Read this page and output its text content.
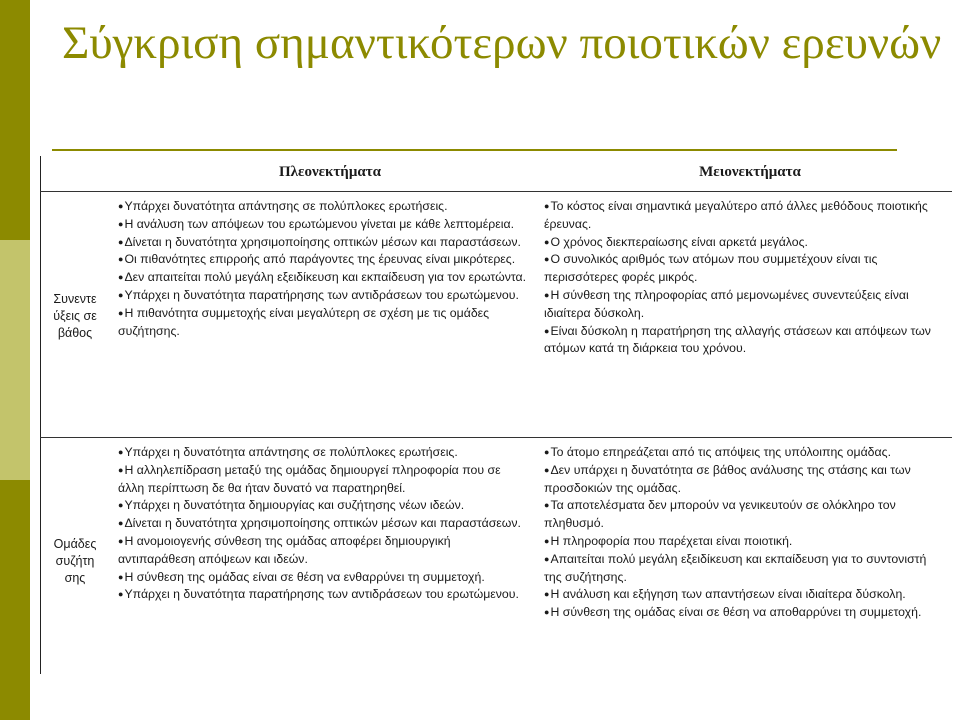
Σύγκριση σημαντικότερων ποιοτικών ερευνών
Πλεονεκτήματα	Μειονεκτήματα
Συνεντε ύξεις σε βάθος
●Υπάρχει δυνατότητα απάντησης σε πολύπλοκες ερωτήσεις.
●Η ανάλυση των απόψεων του ερωτώμενου γίνεται με κάθε λεπτομέρεια.
●Δίνεται η δυνατότητα χρησιμοποίησης οπτικών μέσων και παραστάσεων.
●Οι πιθανότητες επιρροής από παράγοντες της έρευνας είναι μικρότερες.
●Δεν απαιτείται πολύ μεγάλη εξειδίκευση και εκπαίδευση για τον ερωτώντα.
●Υπάρχει η δυνατότητα παρατήρησης των αντιδράσεων του ερωτώμενου.
●Η πιθανότητα συμμετοχής είναι μεγαλύτερη σε σχέση με τις ομάδες συζήτησης.
●Το κόστος είναι σημαντικά μεγαλύτερο από άλλες μεθόδους ποιοτικής έρευνας.
●Ο χρόνος διεκπεραίωσης είναι αρκετά μεγάλος.
●Ο συνολικός αριθμός των ατόμων που συμμετέχουν είναι τις περισσότερες φορές μικρός.
●Η σύνθεση της πληροφορίας από μεμονωμένες συνεντεύξεις είναι ιδιαίτερα δύσκολη.
●Είναι δύσκολη η παρατήρηση της αλλαγής στάσεων και απόψεων των ατόμων κατά τη διάρκεια του χρόνου.
Ομάδες συζήτη σης
●Υπάρχει η δυνατότητα απάντησης σε πολύπλοκες ερωτήσεις.
●Η αλληλεπίδραση μεταξύ της ομάδας δημιουργεί πληροφορία που σε άλλη περίπτωση δε θα ήταν δυνατό να παρατηρηθεί.
●Υπάρχει η δυνατότητα δημιουργίας και συζήτησης νέων ιδεών.
●Δίνεται η δυνατότητα χρησιμοποίησης οπτικών μέσων και παραστάσεων.
●Η ανομοιογενής σύνθεση της ομάδας αποφέρει δημιουργική αντιπαράθεση απόψεων και ιδεών.
●Η σύνθεση της ομάδας είναι σε θέση να ενθαρρύνει τη συμμετοχή.
●Υπάρχει η δυνατότητα παρατήρησης των αντιδράσεων του ερωτώμενου.
●Το άτομο επηρεάζεται από τις απόψεις της υπόλοιπης ομάδας.
●Δεν υπάρχει η δυνατότητα σε βάθος ανάλυσης της στάσης και των προσδοκιών της ομάδας.
●Τα αποτελέσματα δεν μπορούν να γενικευτούν σε ολόκληρο τον πληθυσμό.
●Η πληροφορία που παρέχεται είναι ποιοτική.
●Απαιτείται πολύ μεγάλη εξειδίκευση και εκπαίδευση για το συντονιστή της συζήτησης.
●Η ανάλυση και εξήγηση των απαντήσεων είναι ιδιαίτερα δύσκολη.
●Η σύνθεση της ομάδας είναι σε θέση να αποθαρρύνει τη συμμετοχή.
